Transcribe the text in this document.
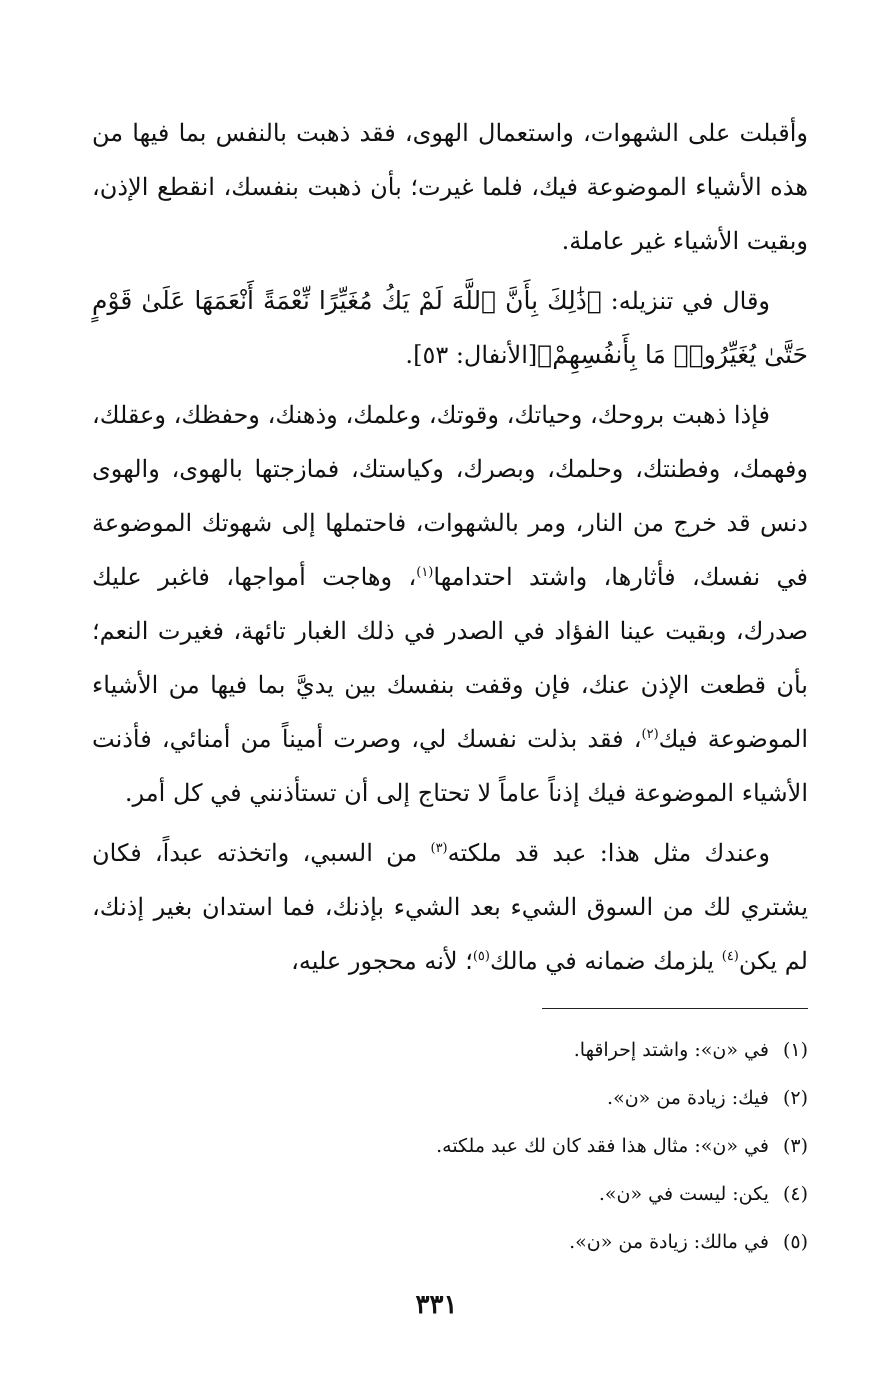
وأقبلت على الشهوات، واستعمال الهوى، فقد ذهبت بالنفس بما فيها من هذه الأشياء الموضوعة فيك، فلما غيرت؛ بأن ذهبت بنفسك، انقطع الإذن، وبقيت الأشياء غير عاملة.

وقال في تنزيله: ﴿ذَٰلِكَ بِأَنَّ ٱللَّهَ لَمْ يَكُ مُغَيِّرًا نِّعْمَةً أَنْعَمَهَا عَلَىٰ قَوْمٍ حَتَّىٰ يُغَيِّرُوا۟ مَا بِأَنفُسِهِمْ﴾[الأنفال: ٥٣].

فإذا ذهبت بروحك، وحياتك، وقوتك، وعلمك، وذهنك، وحفظك، وعقلك، وفهمك، وفطنتك، وحلمك، وبصرك، وكياستك، فمازجتها بالهوى، والهوى دنس قد خرج من النار، ومر بالشهوات، فاحتملها إلى شهوتك الموضوعة في نفسك، فأثارها، واشتد احتدامها$^{(١)}$، وهاجت أمواجها، فاغبر عليك صدرك، وبقيت عينا الفؤاد في الصدر في ذلك الغبار تائهة، فغيرت النعم؛ بأن قطعت الإذن عنك، فإن وقفت بنفسك بين يديَّ بما فيها من الأشياء الموضوعة فيك$^{(٢)}$، فقد بذلت نفسك لي، وصرت أميناً من أمنائي، فأذنت الأشياء الموضوعة فيك إذناً عاماً لا تحتاج إلى أن تستأذنني في كل أمر.

وعندك مثل هذا: عبد قد ملكته$^{(٣)}$ من السبي، واتخذته عبداً، فكان يشتري لك من السوق الشيء بعد الشيء بإذنك، فما استدان بغير إذنك، لم يكن$^{(٤)}$ يلزمك ضمانه في مالك$^{(٥)}$؛ لأنه محجور عليه،

(١)في «ن»: واشتد إحراقها.
(٢)فيك: زيادة من «ن».
(٣)في «ن»: مثال هذا فقد كان لك عبد ملكته.
(٤)يكن: ليست في «ن».
(٥)في مالك: زيادة من «ن».
٣٣١
